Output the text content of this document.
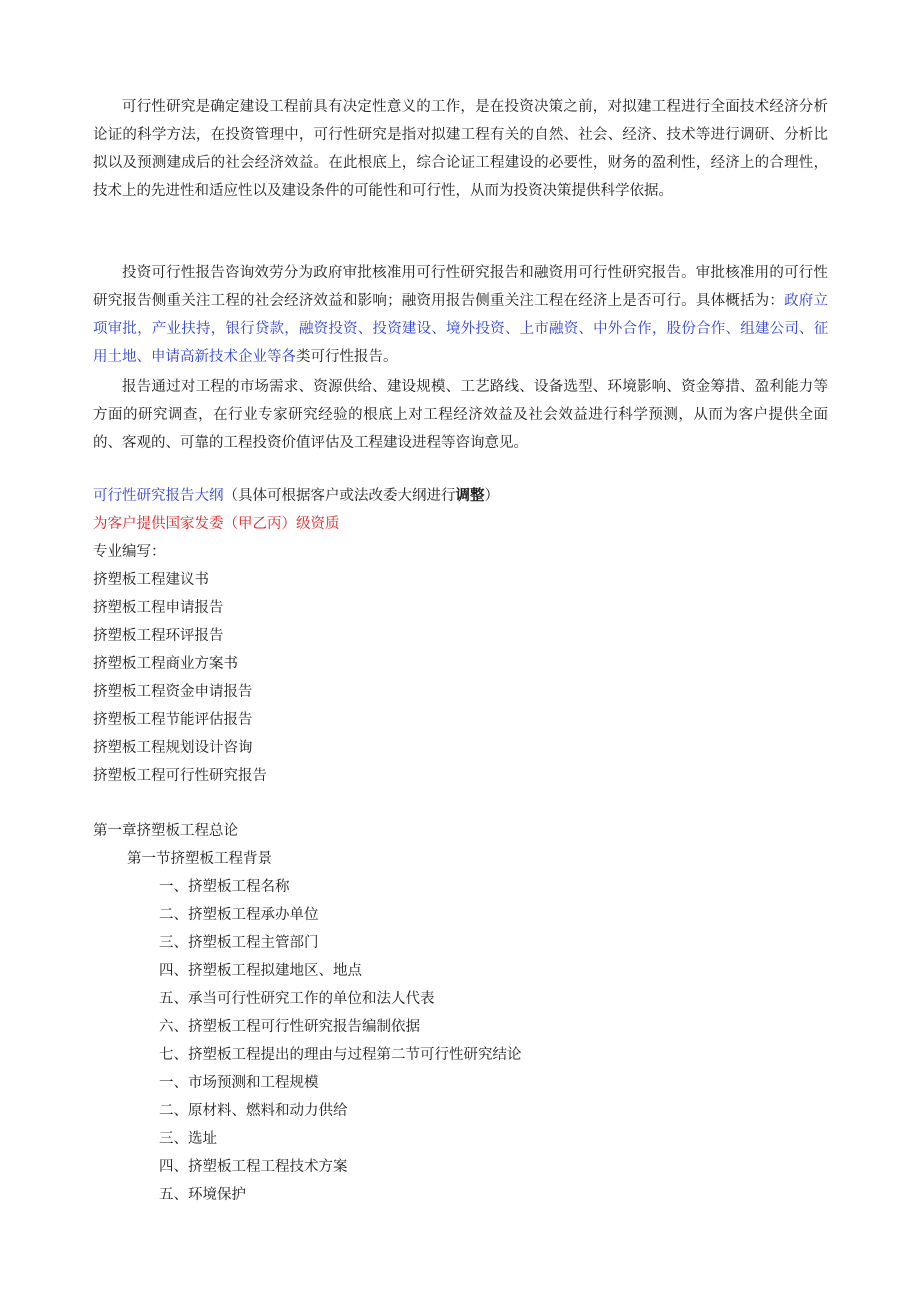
可行性研究是确定建设工程前具有决定性意义的工作，是在投资决策之前，对拟建工程进行全面技术经济分析论证的科学方法，在投资管理中，可行性研究是指对拟建工程有关的自然、社会、经济、技术等进行调研、分析比拟以及预测建成后的社会经济效益。在此根底上，综合论证工程建设的必要性，财务的盈利性，经济上的合理性，技术上的先进性和适应性以及建设条件的可能性和可行性，从而为投资决策提供科学依据。

投资可行性报告咨询效劳分为政府审批核准用可行性研究报告和融资用可行性研究报告。审批核准用的可行性研究报告侧重关注工程的社会经济效益和影响；融资用报告侧重关注工程在经济上是否可行。具体概括为：政府立项审批，产业扶持，银行贷款，融资投资、投资建设、境外投资、上市融资、中外合作，股份合作、组建公司、征用土地、申请高新技术企业等各类可行性报告。

报告通过对工程的市场需求、资源供给、建设规模、工艺路线、设备选型、环境影响、资金筹措、盈利能力等方面的研究调查，在行业专家研究经验的根底上对工程经济效益及社会效益进行科学预测，从而为客户提供全面的、客观的、可靠的工程投资价值评估及工程建设进程等咨询意见。

可行性研究报告大纲（具体可根据客户或法改委大纲进行调整）
为客户提供国家发委（甲乙丙）级资质
专业编写：
挤塑板工程建议书
挤塑板工程申请报告
挤塑板工程环评报告
挤塑板工程商业方案书
挤塑板工程资金申请报告
挤塑板工程节能评估报告
挤塑板工程规划设计咨询
挤塑板工程可行性研究报告
第一章挤塑板工程总论
第一节挤塑板工程背景
一、挤塑板工程名称
二、挤塑板工程承办单位
三、挤塑板工程主管部门
四、挤塑板工程拟建地区、地点
五、承当可行性研究工作的单位和法人代表
六、挤塑板工程可行性研究报告编制依据
七、挤塑板工程提出的理由与过程第二节可行性研究结论
一、市场预测和工程规模
二、原材料、燃料和动力供给
三、选址
四、挤塑板工程工程技术方案
五、环境保护
